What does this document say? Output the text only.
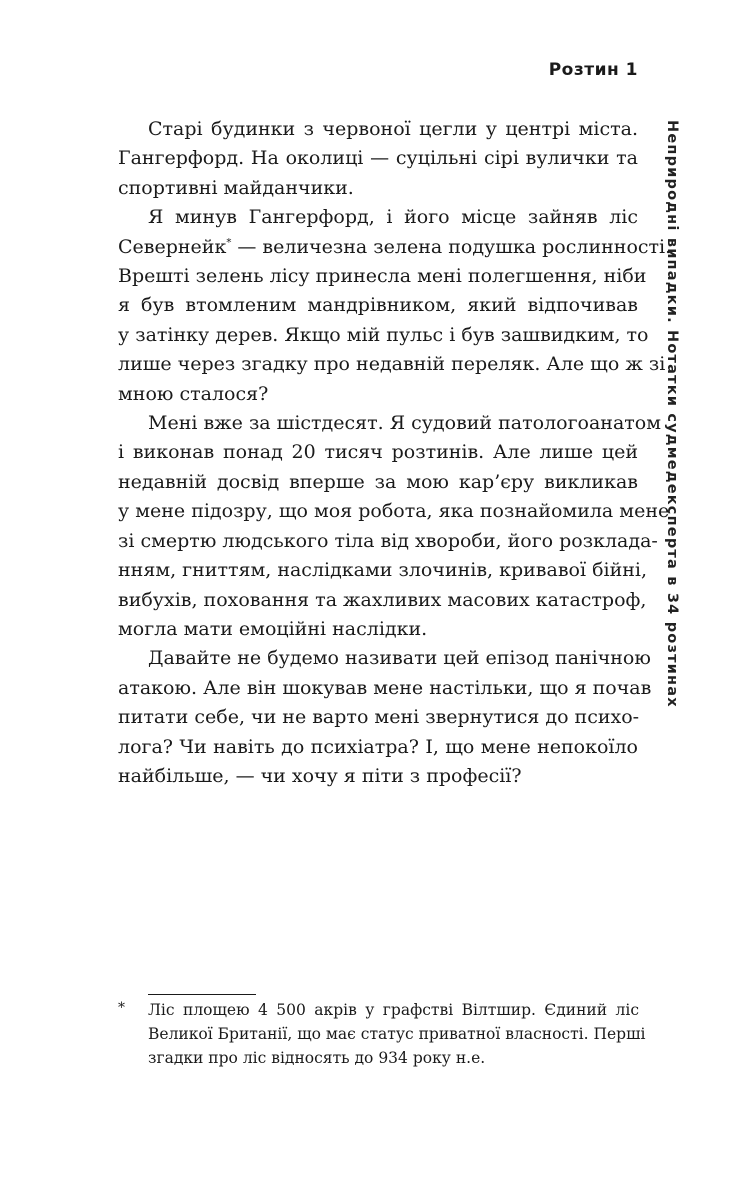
Розтин 1
Неприродні випадки. Нотатки судмедексперта в 34 розтинах
Старі будинки з червоної цегли у центрі міста.
Гангерфорд. На околиці — суцільні сірі вулички та
спортивні майданчики.
Я минув Гангерфорд, і його місце зайняв ліс
Севернейк* — величезна зелена подушка рослинності.
Врешті зелень лісу принесла мені полегшення, ніби
я був втомленим мандрівником, який відпочивав
у затінку дерев. Якщо мій пульс і був зашвидким, то
лише через згадку про недавній переляк. Але що ж зі
мною сталося?
Мені вже за шістдесят. Я судовий патологоанатом
і виконав понад 20 тисяч розтинів. Але лише цей
недавній досвід вперше за мою кар’єру викликав
у мене підозру, що моя робота, яка познайомила мене
зі смертю людського тіла від хвороби, його розклада-
нням, гниттям, наслідками злочинів, кривавої бійні,
вибухів, поховання та жахливих масових катастроф,
могла мати емоційні наслідки.
Давайте не будемо називати цей епізод панічною
атакою. Але він шокував мене настільки, що я почав
питати себе, чи не варто мені звернутися до психо-
лога? Чи навіть до психіатра? І, що мене непокоїло
найбільше, — чи хочу я піти з професії?
* Ліс площею 4 500 акрів у графстві Вілтшир. Єдиний ліс
Великої Британії, що має статус приватної власності. Перші
згадки про ліс відносять до 934 року н.е.
